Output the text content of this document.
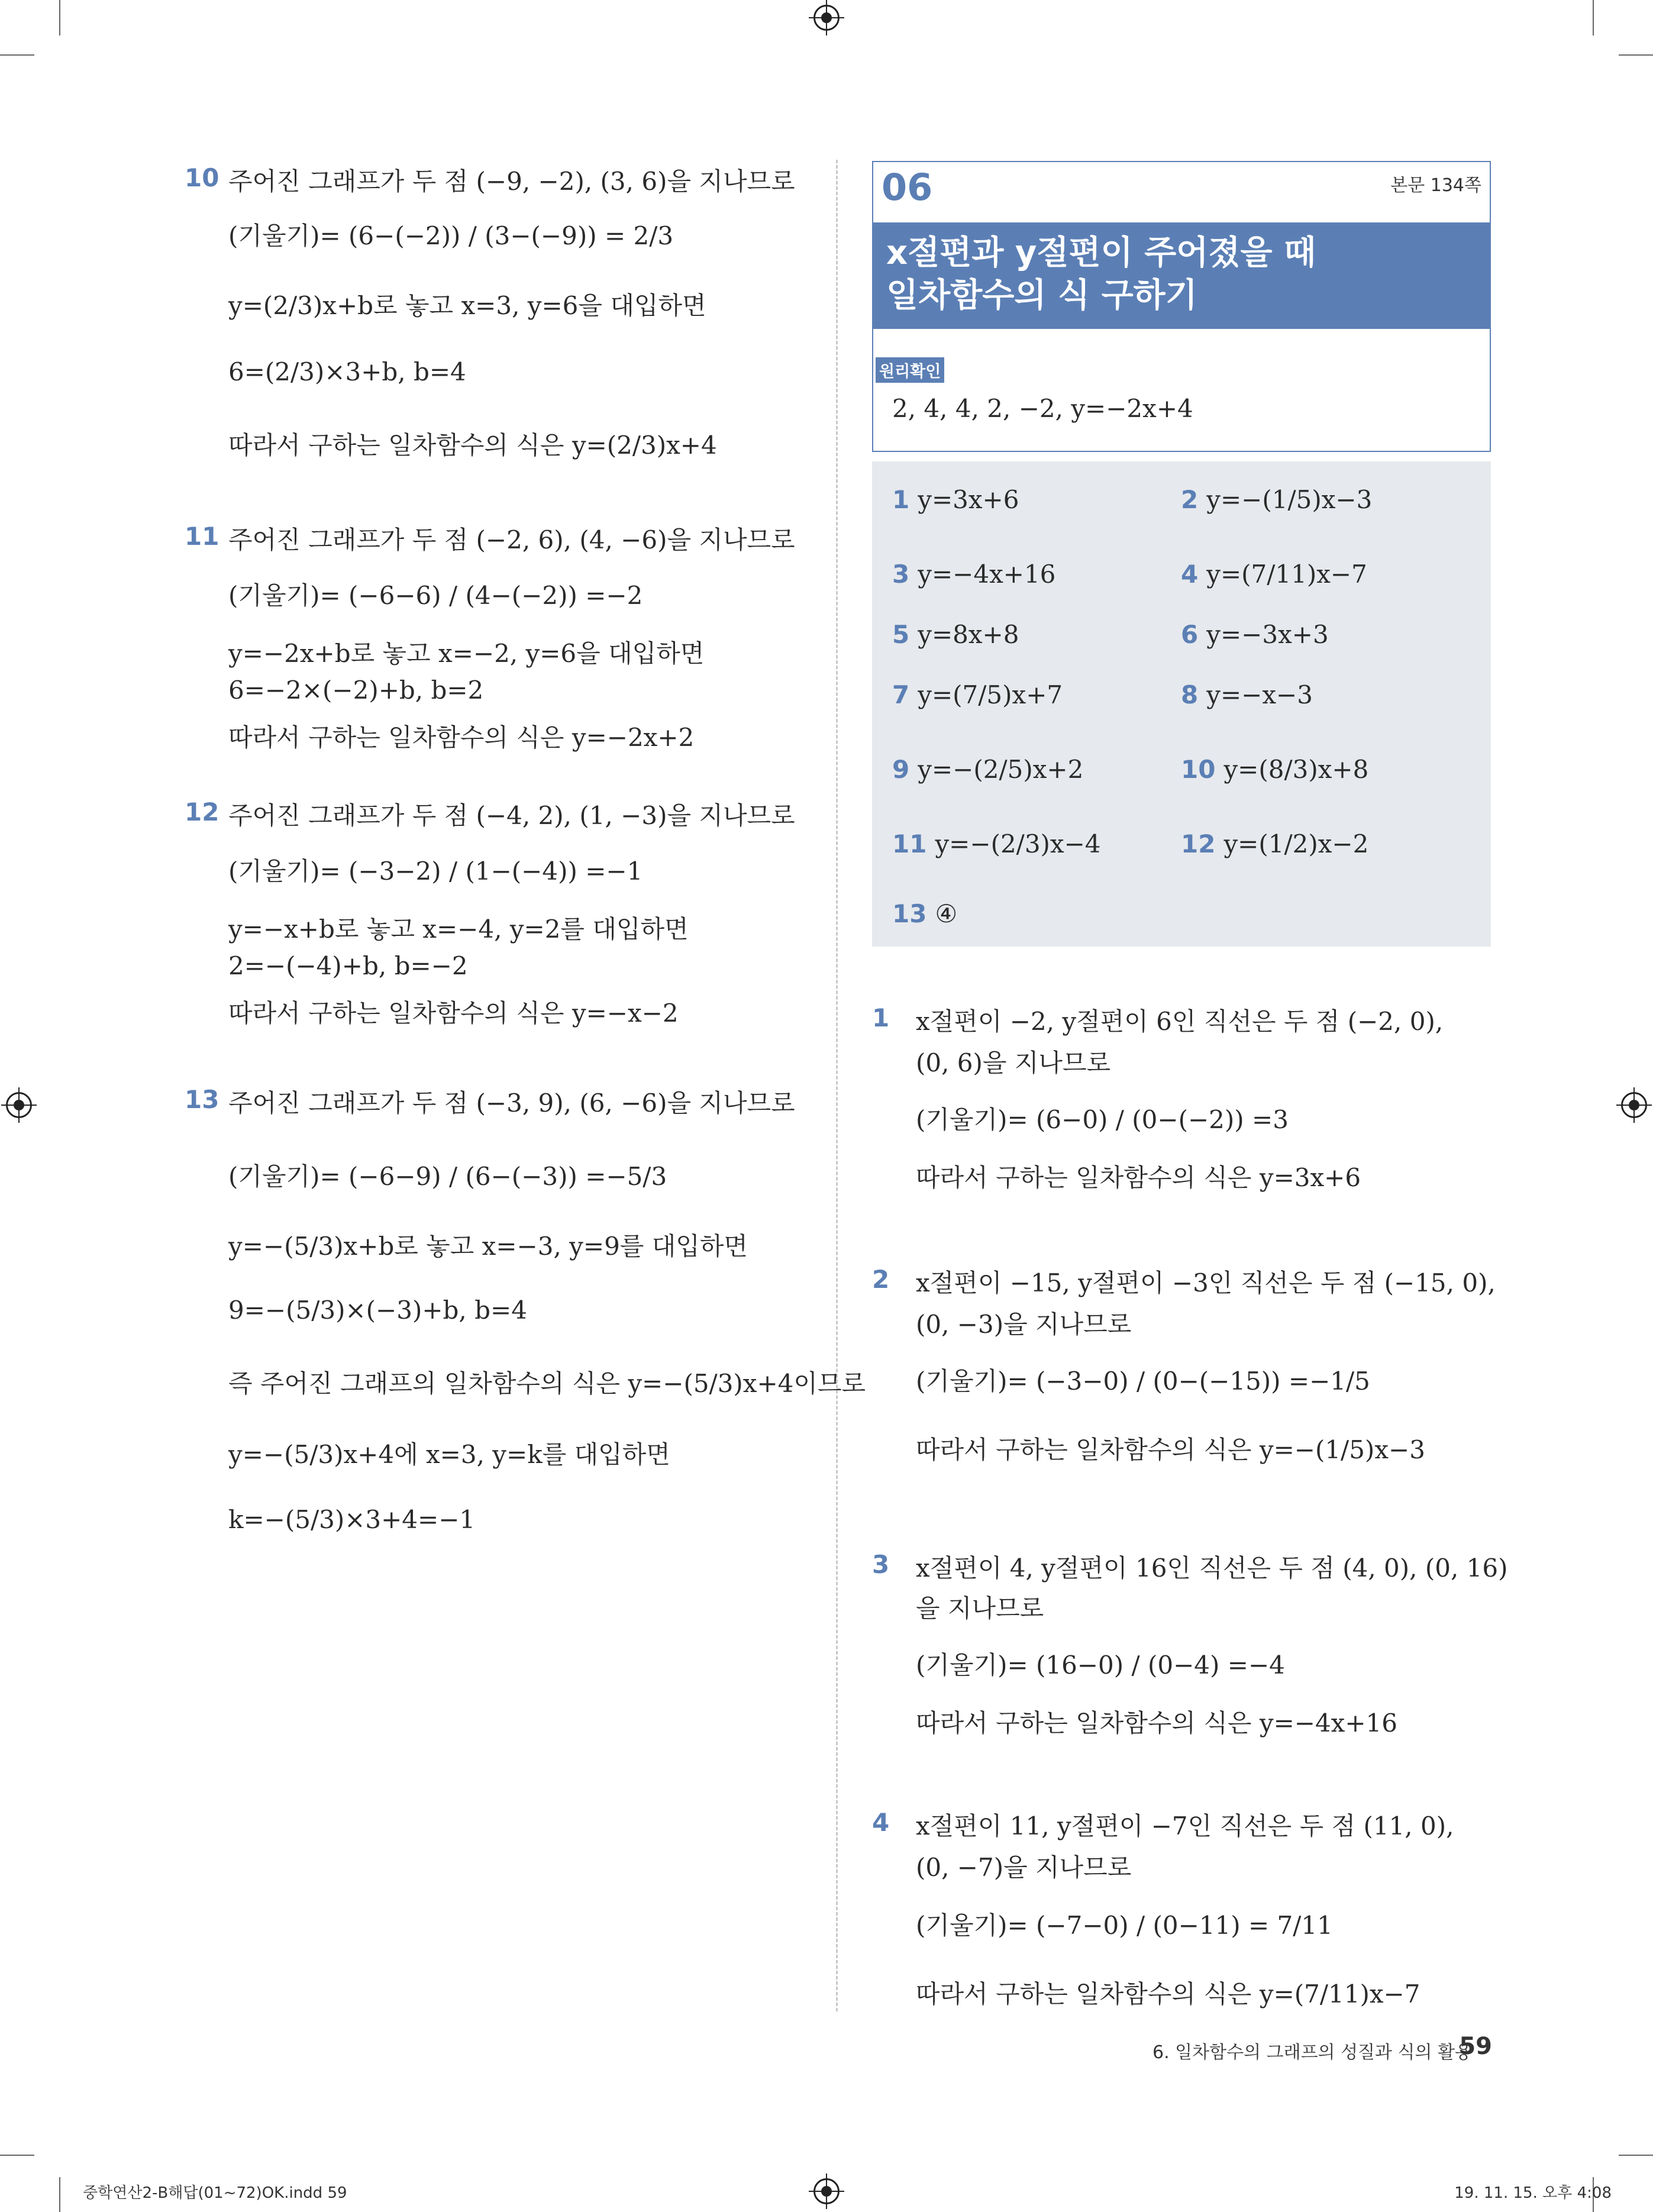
10 주어진 그래프가 두 점 (−9, −2), (3, 6)을 지나므로
(기울기)= (6−(−2)) / (3−(−9)) = 2/3
y=(2/3)x+b로 놓고 x=3, y=6을 대입하면
6=(2/3)×3+b, b=4
따라서 구하는 일차함수의 식은 y=(2/3)x+4
11 주어진 그래프가 두 점 (−2, 6), (4, −6)을 지나므로
(기울기)= (−6−6) / (4−(−2)) =−2
y=−2x+b로 놓고 x=−2, y=6을 대입하면
6=−2×(−2)+b, b=2
따라서 구하는 일차함수의 식은 y=−2x+2
12 주어진 그래프가 두 점 (−4, 2), (1, −3)을 지나므로
(기울기)= (−3−2) / (1−(−4)) =−1
y=−x+b로 놓고 x=−4, y=2를 대입하면
2=−(−4)+b, b=−2
따라서 구하는 일차함수의 식은 y=−x−2
13 주어진 그래프가 두 점 (−3, 9), (6, −6)을 지나므로
(기울기)= (−6−9) / (6−(−3)) =−5/3
y=−(5/3)x+b로 놓고 x=−3, y=9를 대입하면
9=−(5/3)×(−3)+b, b=4
즉 주어진 그래프의 일차함수의 식은 y=−(5/3)x+4이므로
y=−(5/3)x+4에 x=3, y=k를 대입하면
k=−(5/3)×3+4=−1
06	본문 134쪽
x절편과 y절편이 주어졌을 때
일차함수의 식 구하기
원리확인
2, 4, 4, 2, −2, y=−2x+4
1 y=3x+6	2 y=−(1/5)x−3
3 y=−4x+16	4 y=(7/11)x−7
5 y=8x+8	6 y=−3x+3
7 y=(7/5)x+7	8 y=−x−3
9 y=−(2/5)x+2	10 y=(8/3)x+8
11 y=−(2/3)x−4	12 y=(1/2)x−2
13 ④
1 x절편이 −2, y절편이 6인 직선은 두 점 (−2, 0),
(0, 6)을 지나므로
(기울기)= (6−0) / (0−(−2)) =3
따라서 구하는 일차함수의 식은 y=3x+6
2 x절편이 −15, y절편이 −3인 직선은 두 점 (−15, 0),
(0, −3)을 지나므로
(기울기)= (−3−0) / (0−(−15)) =−1/5
따라서 구하는 일차함수의 식은 y=−(1/5)x−3
3 x절편이 4, y절편이 16인 직선은 두 점 (4, 0), (0, 16)
을 지나므로
(기울기)= (16−0) / (0−4) =−4
따라서 구하는 일차함수의 식은 y=−4x+16
4 x절편이 11, y절편이 −7인 직선은 두 점 (11, 0),
(0, −7)을 지나므로
(기울기)= (−7−0) / (0−11) = 7/11
따라서 구하는 일차함수의 식은 y=(7/11)x−7
6. 일차함수의 그래프의 성질과 식의 활용
59
중학연산2-B해답(01~72)OK.indd 59	19. 11. 15. 오후 4:08
